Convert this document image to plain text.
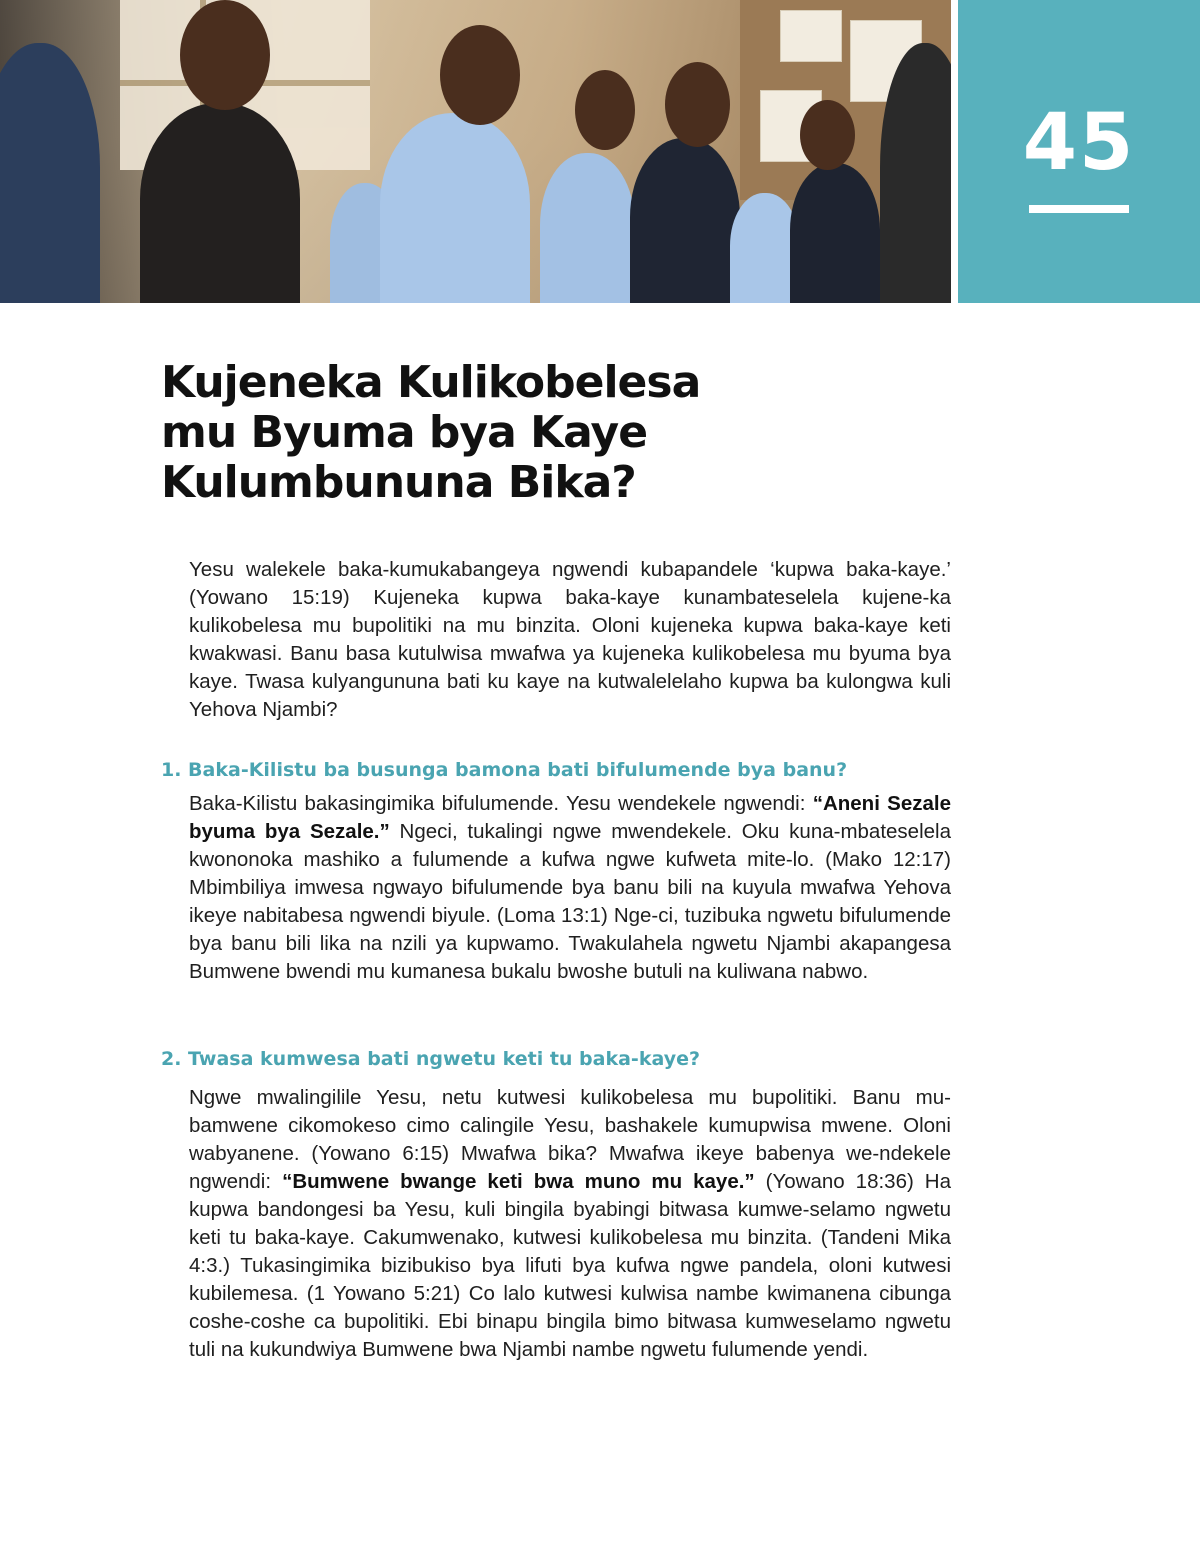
45
Kujeneka Kulikobelesa
mu Byuma bya Kaye
Kulumbununa Bika?

Yesu walekele baka-kumukabangeya ngwendi kubapandele ‘kupwa baka-kaye.’ (Yowano 15:19) Kujeneka kupwa baka-kaye kunambateselela kujene-ka kulikobelesa mu bupolitiki na mu binzita. Oloni kujeneka kupwa baka-kaye keti kwakwasi. Banu basa kutulwisa mwafwa ya kujeneka kulikobelesa mu byuma bya kaye. Twasa kulyangununa bati ku kaye na kutwalelelaho kupwa ba kulongwa kuli Yehova Njambi?

1. Baka-Kilistu ba busunga bamona bati bifulumende bya banu?

Baka-Kilistu bakasingimika bifulumende. Yesu wendekele ngwendi: “Aneni Sezale byuma bya Sezale.” Ngeci, tukalingi ngwe mwendekele. Oku kuna-mbateselela kwononoka mashiko a fulumende a kufwa ngwe kufweta mite-lo. (Mako 12:17) Mbimbiliya imwesa ngwayo bifulumende bya banu bili na kuyula mwafwa Yehova ikeye nabitabesa ngwendi biyule. (Loma 13:1) Nge-ci, tuzibuka ngwetu bifulumende bya banu bili lika na nzili ya kupwamo. Twakulahela ngwetu Njambi akapangesa Bumwene bwendi mu kumanesa bukalu bwoshe butuli na kuliwana nabwo.

2. Twasa kumwesa bati ngwetu keti tu baka-kaye?

Ngwe mwalingilile Yesu, netu kutwesi kulikobelesa mu bupolitiki. Banu mu-bamwene cikomokeso cimo calingile Yesu, bashakele kumupwisa mwene. Oloni wabyanene. (Yowano 6:15) Mwafwa bika? Mwafwa ikeye babenya we-ndekele ngwendi: “Bumwene bwange keti bwa muno mu kaye.” (Yowano 18:36) Ha kupwa bandongesi ba Yesu, kuli bingila byabingi bitwasa kumwe-selamo ngwetu keti tu baka-kaye. Cakumwenako, kutwesi kulikobelesa mu binzita. (Tandeni Mika 4:3.) Tukasingimika bizibukiso bya lifuti bya kufwa ngwe pandela, oloni kutwesi kubilemesa. (1 Yowano 5:21) Co lalo kutwesi kulwisa nambe kwimanena cibunga coshe-coshe ca bupolitiki. Ebi binapu bingila bimo bitwasa kumweselamo ngwetu tuli na kukundwiya Bumwene bwa Njambi nambe ngwetu fulumende yendi.
